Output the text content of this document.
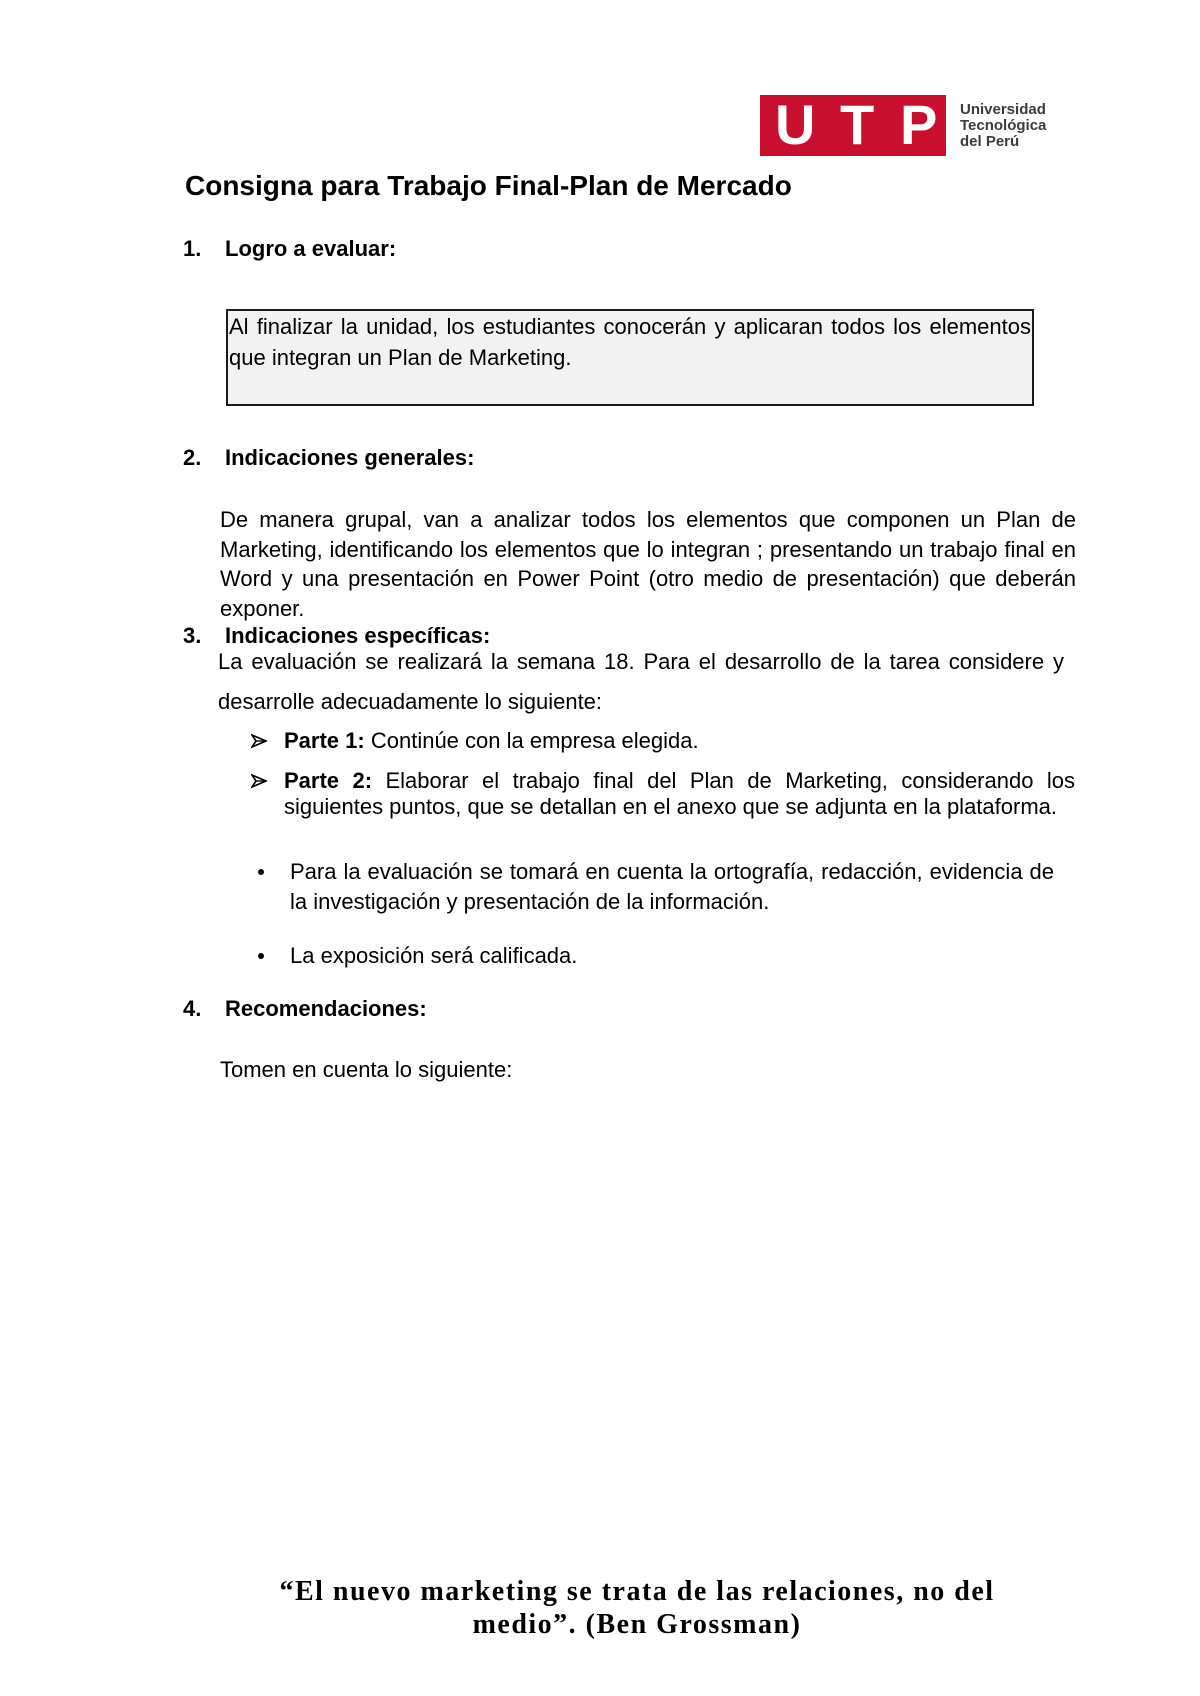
U T P Universidad
Tecnológica
del Perú
Consigna para Trabajo Final-Plan de Mercado
1. Logro a evaluar:
Al finalizar la unidad, los estudiantes conocerán y aplicaran todos los elementos que integran un Plan de Marketing.
2. Indicaciones generales:
De manera grupal, van a analizar todos los elementos que componen un Plan de Marketing, identificando los elementos que lo integran ; presentando un trabajo final en Word y una presentación en Power Point (otro medio de presentación) que deberán exponer.
3. Indicaciones específicas:
La evaluación se realizará la semana 18. Para el desarrollo de la tarea considere y desarrolle adecuadamente lo siguiente:
Parte 1: Continúe con la empresa elegida.
Parte 2: Elaborar el trabajo final del Plan de Marketing, considerando los siguientes puntos, que se detallan en el anexo que se adjunta en la plataforma.
Para la evaluación se tomará en cuenta la ortografía, redacción, evidencia de la investigación y presentación de la información.
La exposición será calificada.
4. Recomendaciones:
Tomen en cuenta lo siguiente:
“El nuevo marketing se trata de las relaciones, no del medio”. (Ben Grossman)
